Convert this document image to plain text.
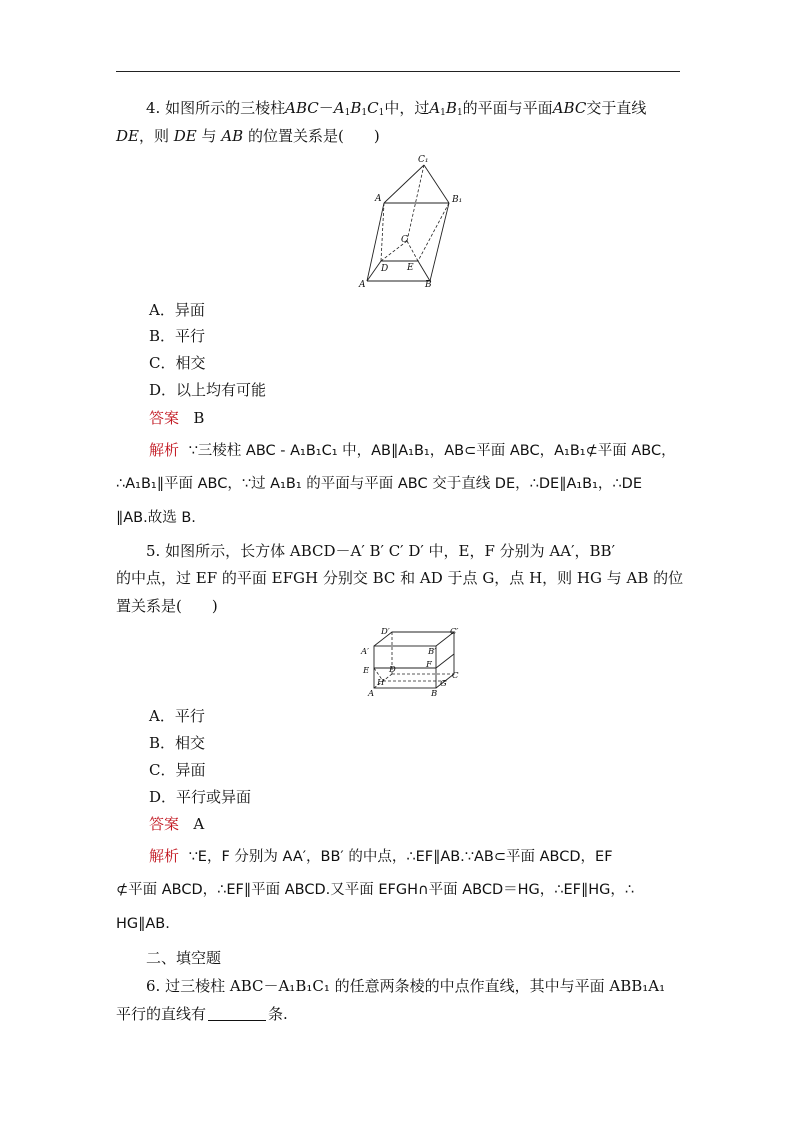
4. 如图所示的三棱柱$ABC-A_1B_1C_1$中，过$A_1B_1$的平面与平面ABC交于直线
DE，则 DE 与 AB 的位置关系是(　　)
C₁
A	B₁
C
D E
A	B
A．异面
B．平行
C．相交
D．以上均有可能
答案 B
解析 ∵三棱柱 ABC - A₁B₁C₁ 中，AB∥A₁B₁，AB⊂平面 ABC，A₁B₁⊄平面 ABC，
∴A₁B₁∥平面 ABC，∵过 A₁B₁ 的平面与平面 ABC 交于直线 DE，∴DE∥A₁B₁，∴DE
∥AB.故选 B.
5. 如图所示，长方体 ABCD－A′ B′ C′ D′ 中，E，F 分别为 AA′，BB′
的中点，过 EF 的平面 EFGH 分别交 BC 和 AD 于点 G，点 H，则 HG 与 AB 的位
置关系是(　　)
D′	C′
A′	B′
E D	F
C
H	G
A	B
A．平行
B．相交
C．异面
D．平行或异面
答案 A
解析 ∵E，F 分别为 AA′，BB′ 的中点，∴EF∥AB.∵AB⊂平面 ABCD，EF
⊄平面 ABCD，∴EF∥平面 ABCD.又平面 EFGH∩平面 ABCD＝HG，∴EF∥HG，∴
HG∥AB.
二、填空题
6. 过三棱柱 ABC－A₁B₁C₁ 的任意两条棱的中点作直线，其中与平面 ABB₁A₁
平行的直线有	条.
